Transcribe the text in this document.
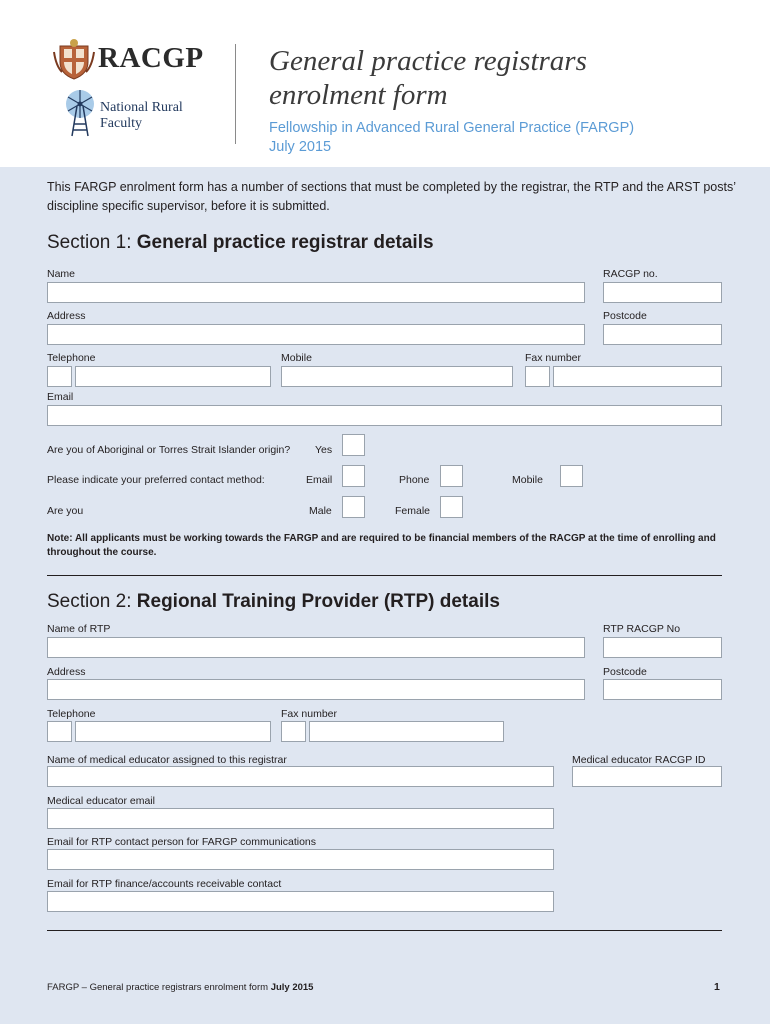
RACGP
National Rural
Faculty
General practice registrars
enrolment form
Fellowship in Advanced Rural General Practice (FARGP)
July 2015
This FARGP enrolment form has a number of sections that must be completed by the registrar, the RTP and the ARST posts’ discipline specific supervisor, before it is submitted.
Section 1: General practice registrar details
Name	RACGP no.
Address	Postcode
Telephone	Mobile	Fax number
Email
Are you of Aboriginal or Torres Strait Islander origin? Yes
Please indicate your preferred contact method:	Email	Phone	Mobile
Are you	Male	Female
Note: All applicants must be working towards the FARGP and are required to be financial members of the RACGP at the time of enrolling and throughout the course.
Section 2: Regional Training Provider (RTP) details
Name of RTP	RTP RACGP No
Address	Postcode
Telephone	Fax number
Name of medical educator assigned to this registrar	Medical educator RACGP ID
Medical educator email
Email for RTP contact person for FARGP communications
Email for RTP finance/accounts receivable contact
FARGP – General practice registrars enrolment form July 2015	1
